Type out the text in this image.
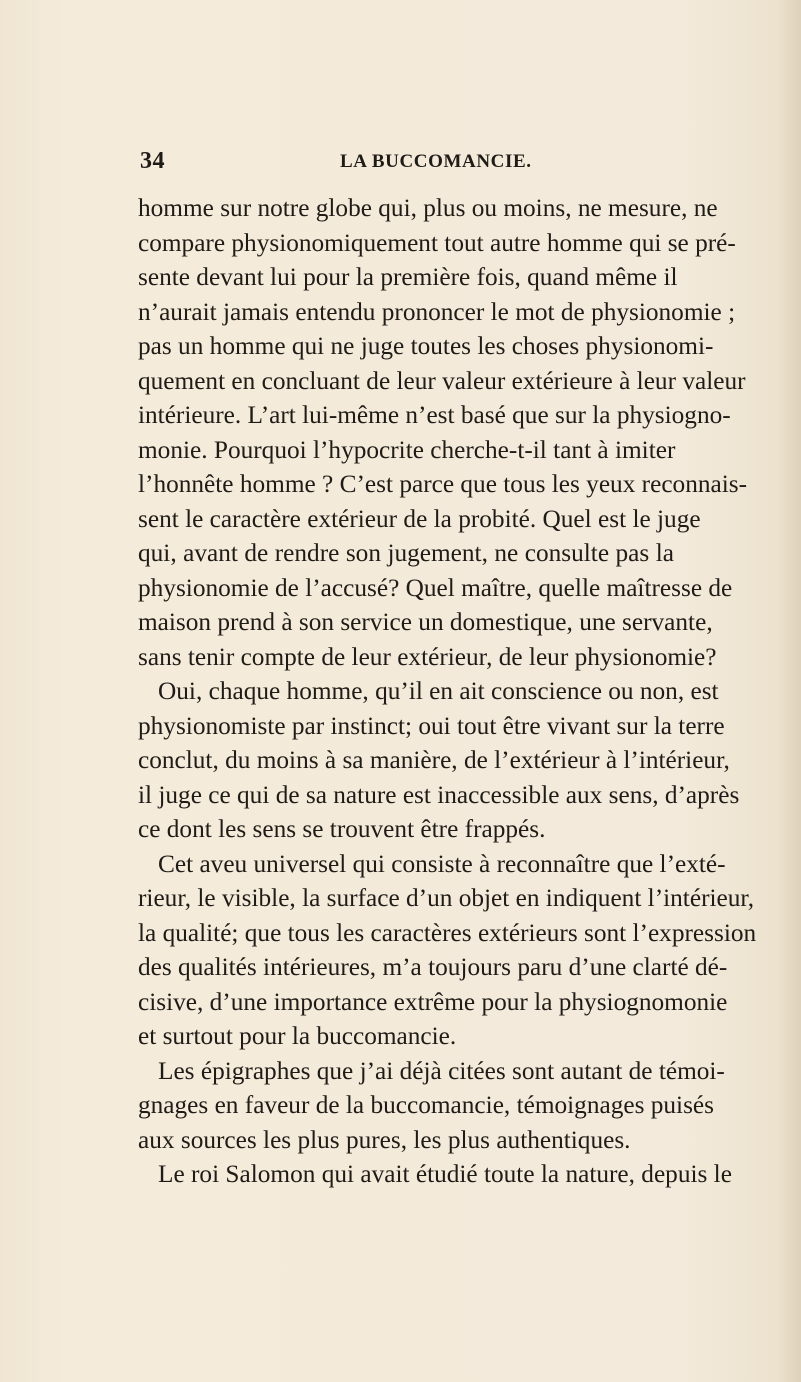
34	LA BUCCOMANCIE.
homme sur notre globe qui, plus ou moins, ne mesure, ne
compare physionomiquement tout autre homme qui se pré-
sente devant lui pour la première fois, quand même il
n’aurait jamais entendu prononcer le mot de physionomie ;
pas un homme qui ne juge toutes les choses physionomi-
quement en concluant de leur valeur extérieure à leur valeur
intérieure. L’art lui-même n’est basé que sur la physiogno-
monie. Pourquoi l’hypocrite cherche-t-il tant à imiter
l’honnête homme ? C’est parce que tous les yeux reconnais-
sent le caractère extérieur de la probité. Quel est le juge
qui, avant de rendre son jugement, ne consulte pas la
physionomie de l’accusé? Quel maître, quelle maîtresse de
maison prend à son service un domestique, une servante,
sans tenir compte de leur extérieur, de leur physionomie?
Oui, chaque homme, qu’il en ait conscience ou non, est
physionomiste par instinct; oui tout être vivant sur la terre
conclut, du moins à sa manière, de l’extérieur à l’intérieur,
il juge ce qui de sa nature est inaccessible aux sens, d’après
ce dont les sens se trouvent être frappés.
Cet aveu universel qui consiste à reconnaître que l’exté-
rieur, le visible, la surface d’un objet en indiquent l’intérieur,
la qualité; que tous les caractères extérieurs sont l’expression
des qualités intérieures, m’a toujours paru d’une clarté dé-
cisive, d’une importance extrême pour la physiognomonie
et surtout pour la buccomancie.
Les épigraphes que j’ai déjà citées sont autant de témoi-
gnages en faveur de la buccomancie, témoignages puisés
aux sources les plus pures, les plus authentiques.
Le roi Salomon qui avait étudié toute la nature, depuis le
